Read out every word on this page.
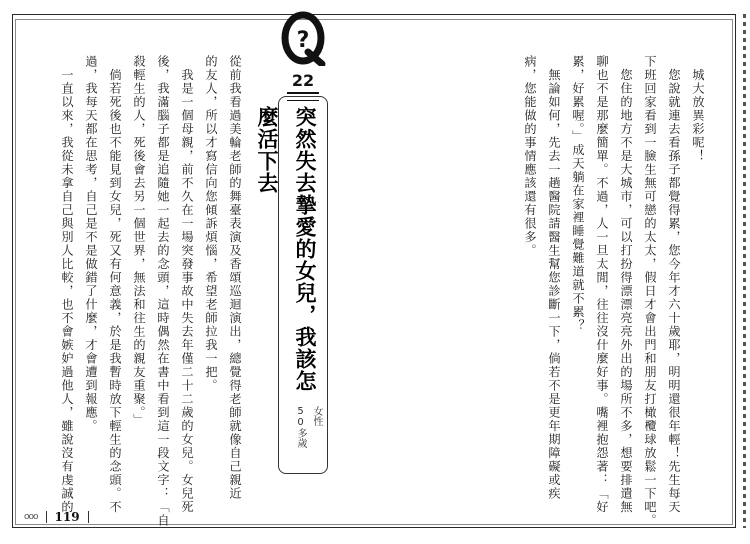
?
22
突然失去摯愛的女兒，我該怎麼活下去
女性
50多歲
　城大放異彩呢！
　您說就連去看孫子都覺得累，您今年才六十歲耶，明明還很年輕！先生每天
下班回家看到一臉生無可戀的太太，假日才會出門和朋友打橄欖球放鬆一下吧。
　您住的地方不是大城市，可以打扮得漂漂亮亮外出的場所不多，想要排遣無
聊也不是那麼簡單。不過，人一旦太閒，往往沒什麼好事。嘴裡抱怨著：「好
累，好累喔。」成天躺在家裡睡覺難道就不累？
　無論如何，先去一趟醫院請醫生幫您診斷一下，倘若不是更年期障礙或疾
病，您能做的事情應該還有很多。
從前我看過美輪老師的舞臺表演及香頌巡迴演出，總覺得老師就像自己親近
的友人，所以才寫信向您傾訴煩惱，希望老師拉我一把。
　我是一個母親，前不久在一場突發事故中失去年僅二十二歲的女兒。女兒死
後，我滿腦子都是追隨她一起去的念頭，這時偶然在書中看到這一段文字：「自
殺輕生的人，死後會去另一個世界，無法和往生的親友重聚。」
　倘若死後也不能見到女兒，死又有何意義，於是我暫時放下輕生的念頭。不
過，我每天都在思考，自己是不是做錯了什麼，才會遭到報應。
　一直以來，我從未拿自己與別人比較，也不會嫉妒過他人，雖說沒有虔誠的
ooo 119
